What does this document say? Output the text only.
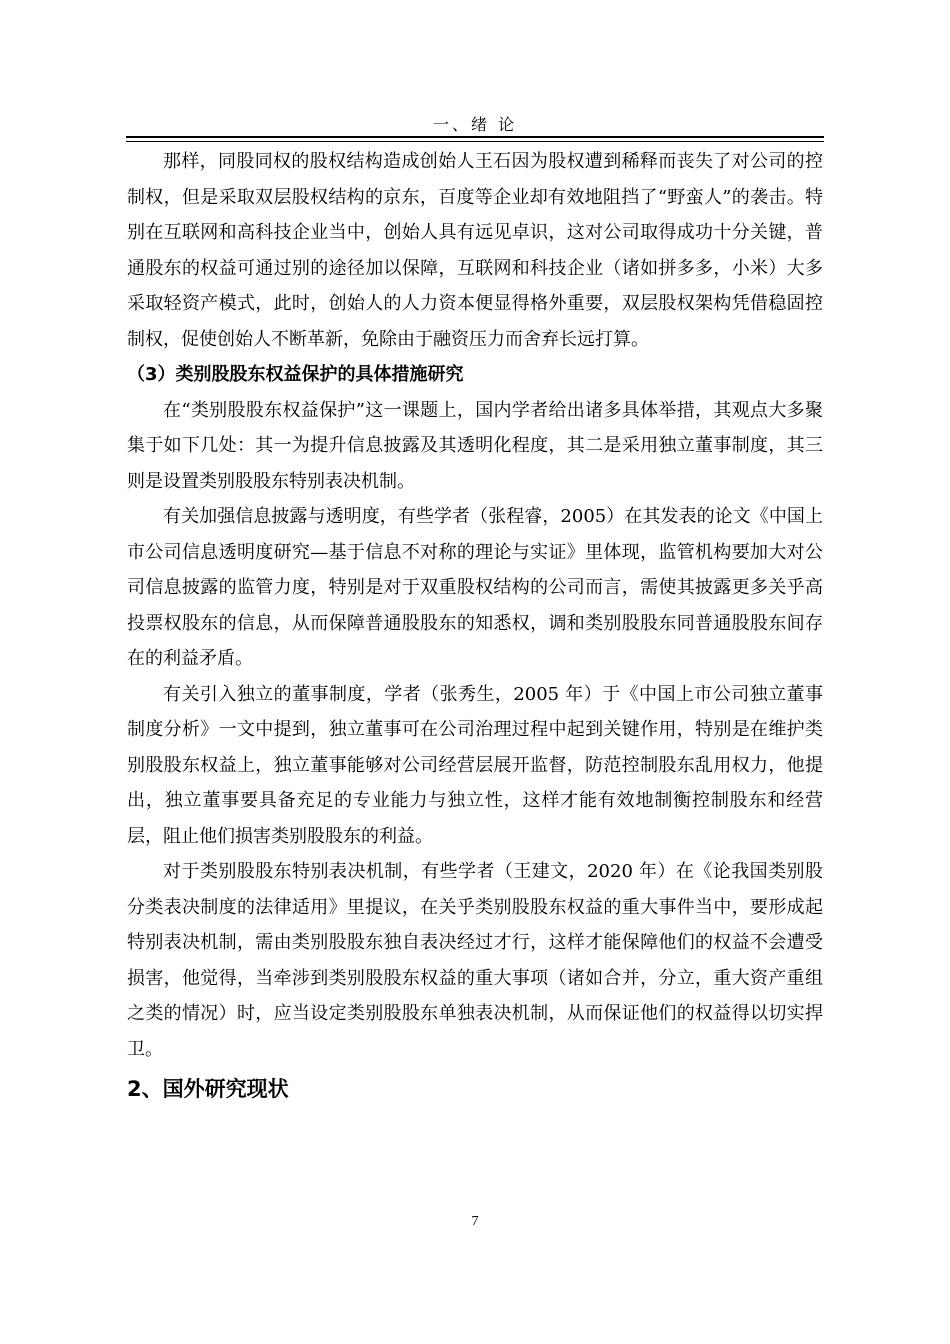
一、绪 论

那样，同股同权的股权结构造成创始人王石因为股权遭到稀释而丧失了对公司的控制权，但是采取双层股权结构的京东，百度等企业却有效地阻挡了“野蛮人”的袭击。特别在互联网和高科技企业当中，创始人具有远见卓识，这对公司取得成功十分关键，普通股东的权益可通过别的途径加以保障，互联网和科技企业（诸如拼多多，小米）大多采取轻资产模式，此时，创始人的人力资本便显得格外重要，双层股权架构凭借稳固控制权，促使创始人不断革新，免除由于融资压力而舍弃长远打算。

（3）类别股股东权益保护的具体措施研究

在“类别股股东权益保护”这一课题上，国内学者给出诸多具体举措，其观点大多聚集于如下几处：其一为提升信息披露及其透明化程度，其二是采用独立董事制度，其三则是设置类别股股东特别表决机制。

有关加强信息披露与透明度，有些学者（张程睿，2005）在其发表的论文《中国上市公司信息透明度研究—基于信息不对称的理论与实证》里体现，监管机构要加大对公司信息披露的监管力度，特别是对于双重股权结构的公司而言，需使其披露更多关乎高投票权股东的信息，从而保障普通股股东的知悉权，调和类别股股东同普通股股东间存在的利益矛盾。

有关引入独立的董事制度，学者（张秀生，2005 年）于《中国上市公司独立董事制度分析》一文中提到，独立董事可在公司治理过程中起到关键作用，特别是在维护类别股股东权益上，独立董事能够对公司经营层展开监督，防范控制股东乱用权力，他提出，独立董事要具备充足的专业能力与独立性，这样才能有效地制衡控制股东和经营层，阻止他们损害类别股股东的利益。

对于类别股股东特别表决机制，有些学者（王建文，2020 年）在《论我国类别股分类表决制度的法律适用》里提议，在关乎类别股股东权益的重大事件当中，要形成起特别表决机制，需由类别股股东独自表决经过才行，这样才能保障他们的权益不会遭受损害，他觉得，当牵涉到类别股股东权益的重大事项（诸如合并，分立，重大资产重组之类的情况）时，应当设定类别股股东单独表决机制，从而保证他们的权益得以切实捍卫。

2、国外研究现状

7
